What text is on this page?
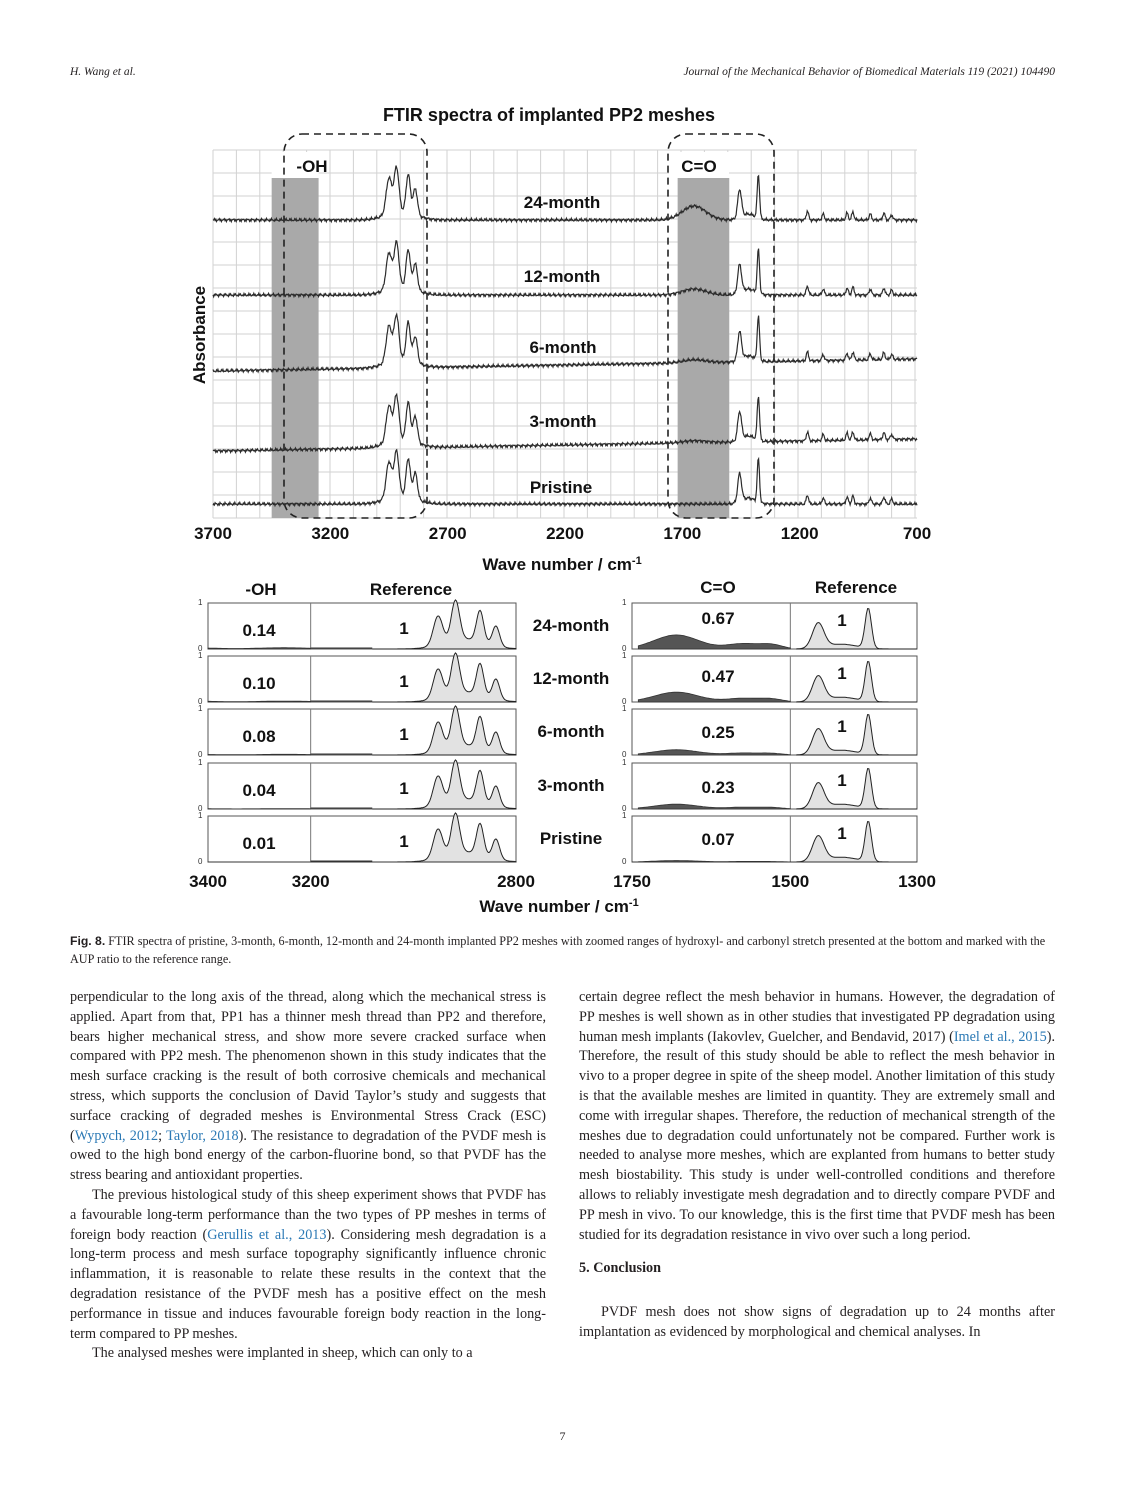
H. Wang et al.	Journal of the Mechanical Behavior of Biomedical Materials 119 (2021) 104490
FTIR spectra of implanted PP2 meshes
-OH	C=O
24-month
12-month
6-month
3-month
Pristine
3700	3200	2700	2200	1700	1200	700
Absorbance
Wave number / $cm^{-1}$
-OH	Reference	C=O	Reference
1
0
0.14	1	24-month
1
0
0.67	1
1
0
0.10	1	12-month
1
0
0.47	1
1
0
0.08	1	6-month
1
0
0.25	1
1
0
0.04	1	3-month
1
0
0.23	1
1
0
0.01	1	Pristine
1
0
0.07	1
3400	3200	2800	1750	1500	1300
Wave number / $cm^{-1}$
Fig. 8. FTIR spectra of pristine, 3-month, 6-month, 12-month and 24-month implanted PP2 meshes with zoomed ranges of hydroxyl- and carbonyl stretch presented at the bottom and marked with the AUP ratio to the reference range.

perpendicular to the long axis of the thread, along which the mechanical stress is applied. Apart from that, PP1 has a thinner mesh thread than PP2 and therefore, bears higher mechanical stress, and show more severe cracked surface when compared with PP2 mesh. The phenomenon shown in this study indicates that the mesh surface cracking is the result of both corrosive chemicals and mechanical stress, which supports the conclusion of David Taylor’s study and suggests that surface cracking of degraded meshes is Environmental Stress Crack (ESC) (Wypych, 2012; Taylor, 2018). The resistance to degradation of the PVDF mesh is owed to the high bond energy of the carbon-fluorine bond, so that PVDF has the stress bearing and antioxidant properties.

The previous histological study of this sheep experiment shows that PVDF has a favourable long-term performance than the two types of PP meshes in terms of foreign body reaction (Gerullis et al., 2013). Considering mesh degradation is a long-term process and mesh surface topography significantly influence chronic inflammation, it is reasonable to relate these results in the context that the degradation resistance of the PVDF mesh has a positive effect on the mesh performance in tissue and induces favourable foreign body reaction in the long-term compared to PP meshes.

The analysed meshes were implanted in sheep, which can only to a

certain degree reflect the mesh behavior in humans. However, the degradation of PP meshes is well shown as in other studies that investigated PP degradation using human mesh implants (Iakovlev, Guelcher, and Bendavid, 2017) (Imel et al., 2015). Therefore, the result of this study should be able to reflect the mesh behavior in vivo to a proper degree in spite of the sheep model. Another limitation of this study is that the available meshes are limited in quantity. They are extremely small and come with irregular shapes. Therefore, the reduction of mechanical strength of the meshes due to degradation could unfortunately not be compared. Further work is needed to analyse more meshes, which are explanted from humans to better study mesh biostability. This study is under well-controlled conditions and therefore allows to reliably investigate mesh degradation and to directly compare PVDF and PP mesh in vivo. To our knowledge, this is the first time that PVDF mesh has been studied for its degradation resistance in vivo over such a long period.

5. Conclusion

PVDF mesh does not show signs of degradation up to 24 months after implantation as evidenced by morphological and chemical analyses. In

7
